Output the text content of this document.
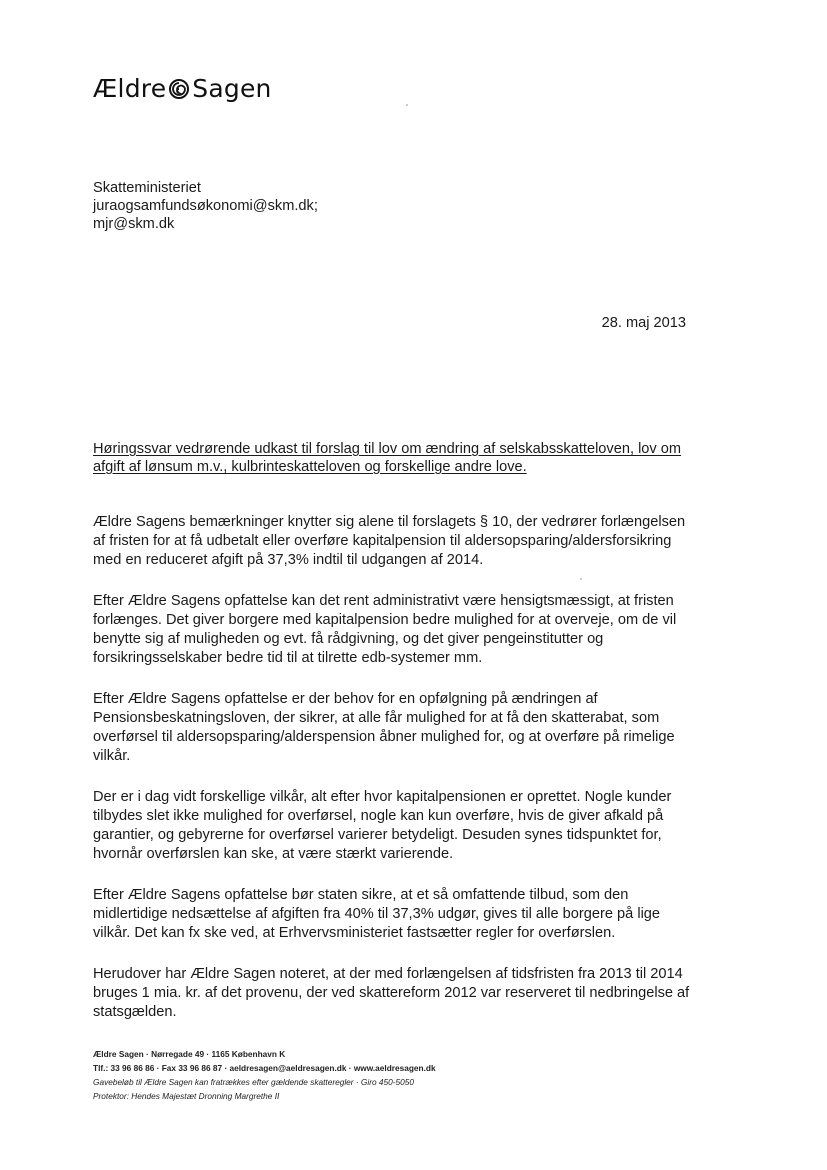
Ældre Sagen
Skatteministeriet
juraogsamfundsøkonomi@skm.dk;
mjr@skm.dk
28. maj 2013
Høringssvar vedrørende udkast til forslag til lov om ændring af selskabsskatteloven, lov om afgift af lønsum m.v., kulbrinteskatteloven og forskellige andre love.

Ældre Sagens bemærkninger knytter sig alene til forslagets § 10, der vedrører forlængelsen af fristen for at få udbetalt eller overføre kapitalpension til aldersopsparing/aldersforsikring med en reduceret afgift på 37,3% indtil til udgangen af 2014.

Efter Ældre Sagens opfattelse kan det rent administrativt være hensigtsmæssigt, at fristen forlænges. Det giver borgere med kapitalpension bedre mulighed for at overveje, om de vil benytte sig af muligheden og evt. få rådgivning, og det giver pengeinstitutter og forsikringsselskaber bedre tid til at tilrette edb-systemer mm.

Efter Ældre Sagens opfattelse er der behov for en opfølgning på ændringen af Pensionsbeskatningsloven, der sikrer, at alle får mulighed for at få den skatterabat, som overførsel til aldersopsparing/alderspension åbner mulighed for, og at overføre på rimelige vilkår.

Der er i dag vidt forskellige vilkår, alt efter hvor kapitalpensionen er oprettet. Nogle kunder tilbydes slet ikke mulighed for overførsel, nogle kan kun overføre, hvis de giver afkald på garantier, og gebyrerne for overførsel varierer betydeligt. Desuden synes tidspunktet for, hvornår overførslen kan ske, at være stærkt varierende.

Efter Ældre Sagens opfattelse bør staten sikre, at et så omfattende tilbud, som den midlertidige nedsættelse af afgiften fra 40% til 37,3% udgør, gives til alle borgere på lige vilkår. Det kan fx ske ved, at Erhvervsministeriet fastsætter regler for overførslen.

Herudover har Ældre Sagen noteret, at der med forlængelsen af tidsfristen fra 2013 til 2014 bruges 1 mia. kr. af det provenu, der ved skattereform 2012 var reserveret til nedbringelse af statsgælden.

Ældre Sagen · Nørregade 49 · 1165 København K
Tlf.: 33 96 86 86 · Fax 33 96 86 87 · aeldresagen@aeldresagen.dk · www.aeldresagen.dk
Gavebeløb til Ældre Sagen kan fratrækkes efter gældende skatteregler · Giro 450-5050
Protektor: Hendes Majestæt Dronning Margrethe II
